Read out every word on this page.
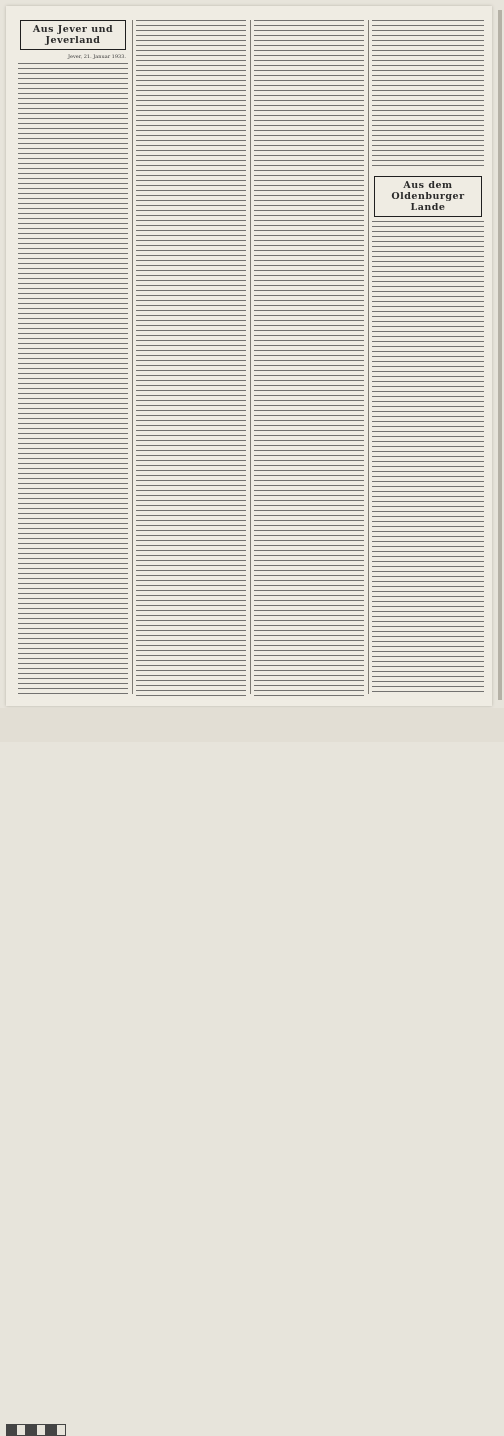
Aus Jever und Jeverland
Jever, 21. Januar 1933.
Aus dem Oldenburger Lande
